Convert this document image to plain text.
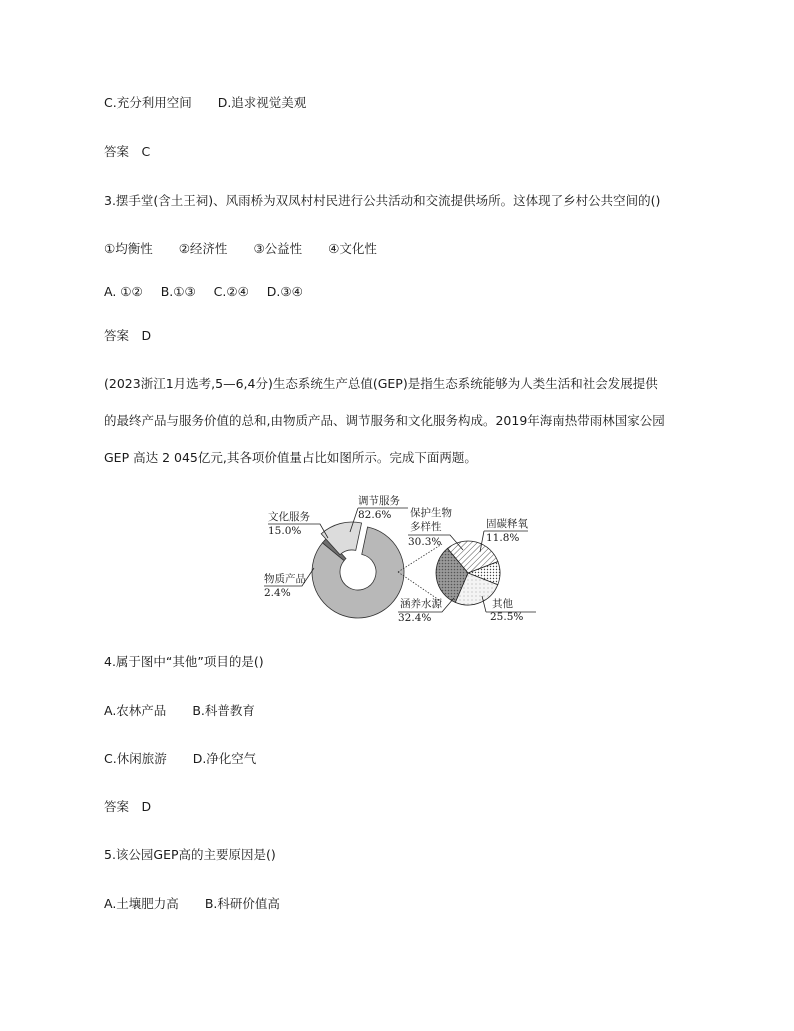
C.充分利用空间 D.追求视觉美观
答案　C
3.摆手堂(含土王祠)、风雨桥为双凤村村民进行公共活动和交流提供场所。这体现了乡村公共空间的()
①均衡性 ②经济性 ③公益性 ④文化性
A. ①② B.①③ C.②④ D.③④
答案　D
(2023浙江1月选考,5—6,4分)生态系统生产总值(GEP)是指生态系统能够为人类生活和社会发展提供
的最终产品与服务价值的总和,由物质产品、调节服务和文化服务构成。2019年海南热带雨林国家公园
GEP 高达 2 045亿元,其各项价值量占比如图所示。完成下面两题。
文化服务
15.0%
调节服务
82.6%
物质产品
2.4%
保护生物
多样性
30.3%
固碳释氧
11.8%
其他
25.5%
涵养水源
32.4%
4.属于图中“其他”项目的是()
A.农林产品 B.科普教育
C.休闲旅游 D.净化空气
答案　D
5.该公园GEP高的主要原因是()
A.土壤肥力高 B.科研价值高
